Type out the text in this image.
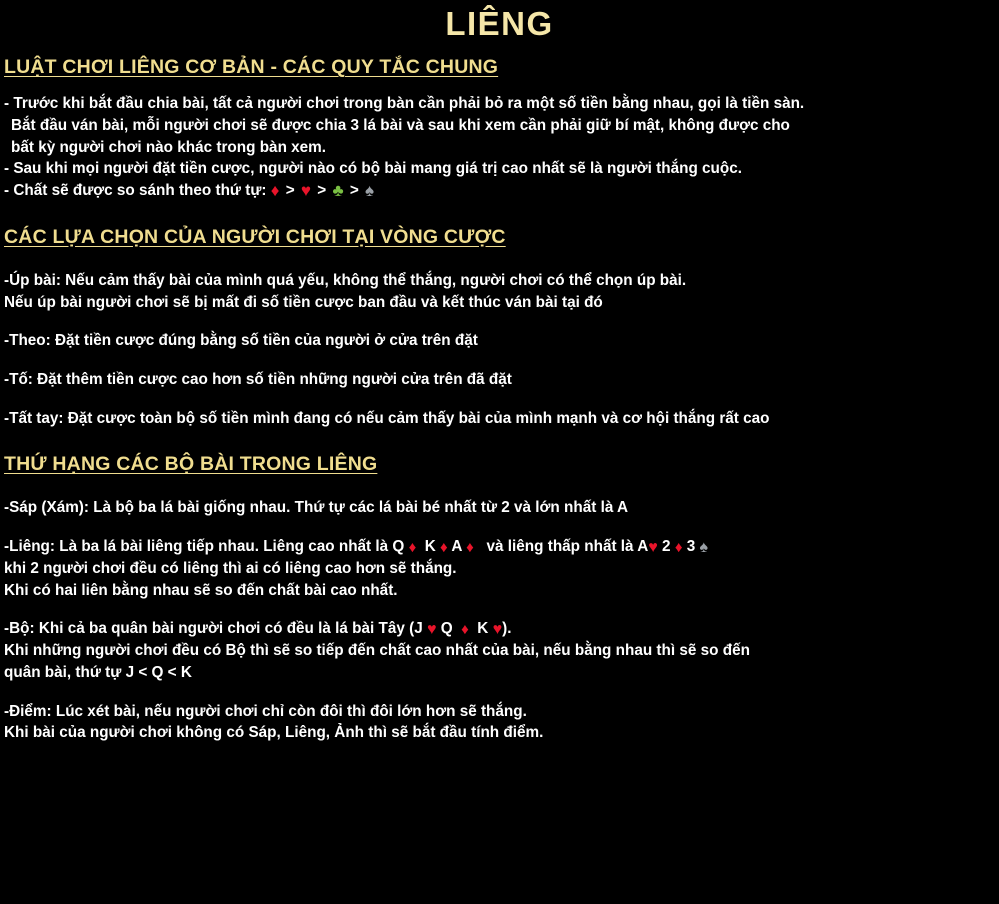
LIÊNG
LUẬT CHƠI LIÊNG CƠ BẢN - CÁC QUY TẮC CHUNG
- Trước khi bắt đầu chia bài, tất cả người chơi trong bàn cần phải bỏ ra một số tiền bằng nhau, gọi là tiền sàn.
Bắt đầu ván bài, mỗi người chơi sẽ được chia 3 lá bài và sau khi xem cần phải giữ bí mật, không được cho
bất kỳ người chơi nào khác trong bàn xem.
- Sau khi mọi người đặt tiền cược, người nào có bộ bài mang giá trị cao nhất sẽ là người thắng cuộc.
- Chất sẽ được so sánh theo thứ tự: ♦ > ♥ > ♣ > ♠
CÁC LỰA CHỌN CỦA NGƯỜI CHƠI TẠI VÒNG CƯỢC
-Úp bài: Nếu cảm thấy bài của mình quá yếu, không thể thắng, người chơi có thể chọn úp bài.
Nếu úp bài người chơi sẽ bị mất đi số tiền cược ban đầu và kết thúc ván bài tại đó
-Theo: Đặt tiền cược đúng bằng số tiền của người ở cửa trên đặt
-Tố: Đặt thêm tiền cược cao hơn số tiền những người cửa trên đã đặt
-Tất tay: Đặt cược toàn bộ số tiền mình đang có nếu cảm thấy bài của mình mạnh và cơ hội thắng rất cao
THỨ HẠNG CÁC BỘ BÀI TRONG LIÊNG
-Sáp (Xám): Là bộ ba lá bài giống nhau. Thứ tự các lá bài bé nhất từ 2 và lớn nhất là A
-Liêng: Là ba lá bài liêng tiếp nhau. Liêng cao nhất là Q ♦ K ♦ A ♦ và liêng thấp nhất là A♥ 2 ♦ 3 ♠
khi 2 người chơi đều có liêng thì ai có liêng cao hơn sẽ thắng.
Khi có hai liên bằng nhau sẽ so đến chất bài cao nhất.
-Bộ: Khi cả ba quân bài người chơi có đều là lá bài Tây (J ♥ Q ♦ K ♥).
Khi những người chơi đều có Bộ thì sẽ so tiếp đến chất cao nhất của bài, nếu bằng nhau thì sẽ so đến
quân bài, thứ tự J < Q < K
-Điểm: Lúc xét bài, nếu người chơi chỉ còn đôi thì đôi lớn hơn sẽ thắng.
Khi bài của người chơi không có Sáp, Liêng, Ảnh thì sẽ bắt đầu tính điểm.
